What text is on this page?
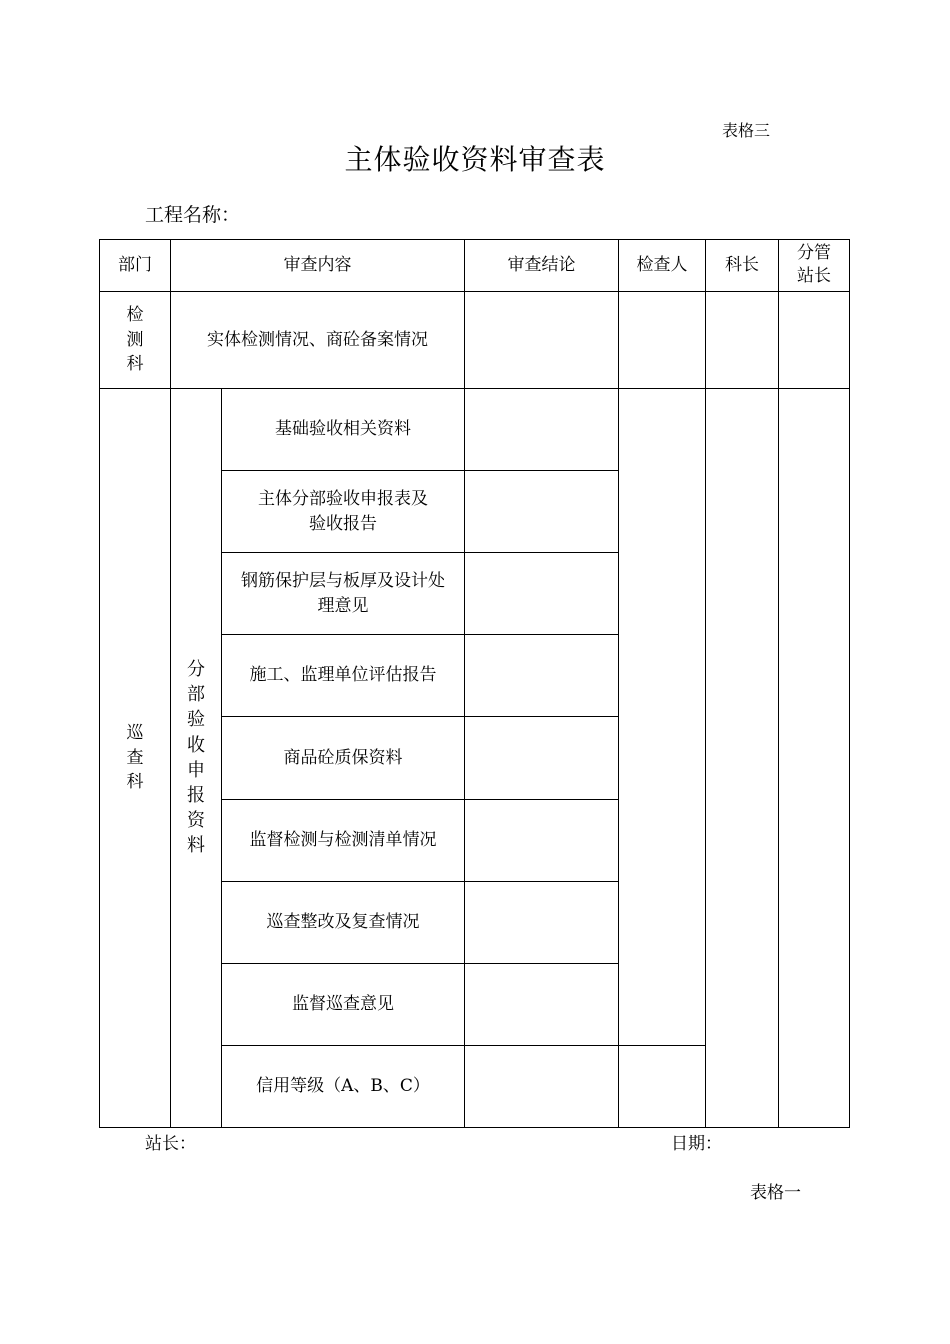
表格三
主体验收资料审查表
工程名称：
部门	审查内容		审查结论	检查人	科长	分管站长
检测科	实体检测情况、商砼备案情况					
巡查科	分部验收申报资料	基础验收相关资料				
		主体分部验收申报表及验收报告				
		钢筋保护层与板厚及设计处理意见				
		施工、监理单位评估报告				
		商品砼质保资料				
		监督检测与检测清单情况				
		巡查整改及复查情况				
		监督巡查意见				
		信用等级（A、B、C）				
站长：	日期：
表格一
